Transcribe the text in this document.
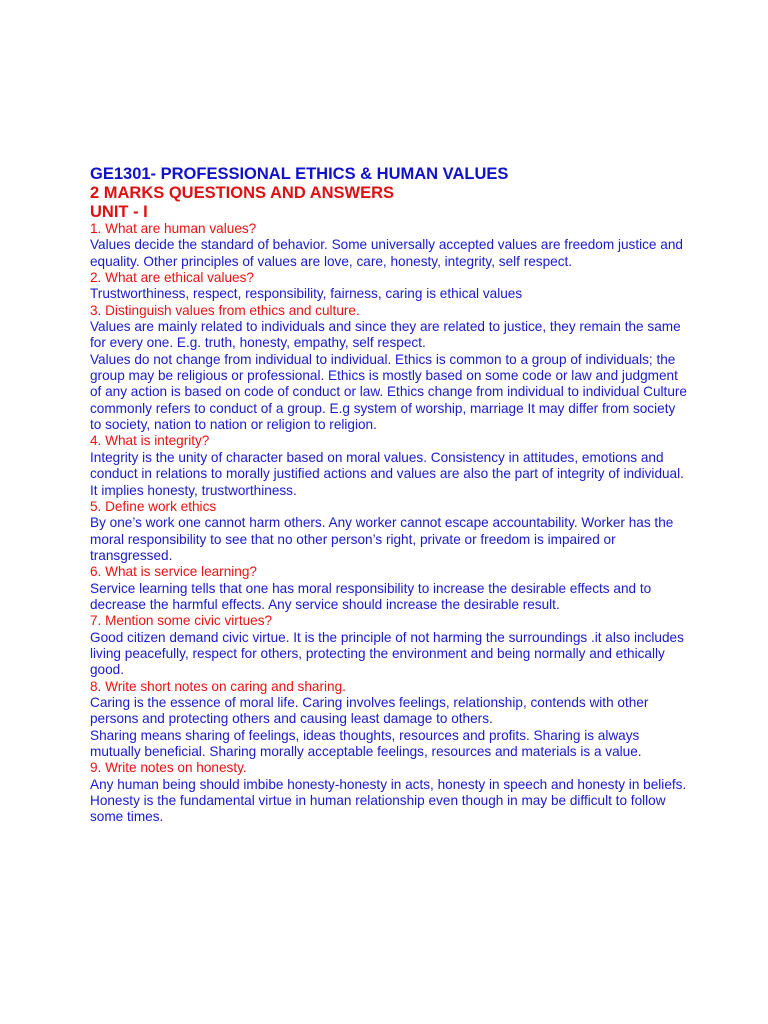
GE1301- PROFESSIONAL ETHICS & HUMAN VALUES

2 MARKS QUESTIONS AND ANSWERS

UNIT - I

1. What are human values?

Values decide the standard of behavior. Some universally accepted values are freedom justice and equality. Other principles of values are love, care, honesty, integrity, self respect.

2. What are ethical values?

Trustworthiness, respect, responsibility, fairness, caring is ethical values

3. Distinguish values from ethics and culture.

Values are mainly related to individuals and since they are related to justice, they remain the same for every one. E.g. truth, honesty, empathy, self respect.

Values do not change from individual to individual. Ethics is common to a group of individuals; the group may be religious or professional. Ethics is mostly based on some code or law and judgment of any action is based on code of conduct or law. Ethics change from individual to individual Culture commonly refers to conduct of a group. E.g system of worship, marriage It may differ from society to society, nation to nation or religion to religion.

4. What is integrity?

Integrity is the unity of character based on moral values. Consistency in attitudes, emotions and conduct in relations to morally justified actions and values are also the part of integrity of individual. It implies honesty, trustworthiness.

5. Define work ethics

By one’s work one cannot harm others. Any worker cannot escape accountability. Worker has the moral responsibility to see that no other person’s right, private or freedom is impaired or transgressed.

6. What is service learning?

Service learning tells that one has moral responsibility to increase the desirable effects and to decrease the harmful effects. Any service should increase the desirable result.

7. Mention some civic virtues?

Good citizen demand civic virtue. It is the principle of not harming the surroundings .it also includes living peacefully, respect for others, protecting the environment and being normally and ethically good.

8. Write short notes on caring and sharing.

Caring is the essence of moral life. Caring involves feelings, relationship, contends with other persons and protecting others and causing least damage to others.

Sharing means sharing of feelings, ideas thoughts, resources and profits. Sharing is always mutually beneficial. Sharing morally acceptable feelings, resources and materials is a value.

9. Write notes on honesty.

Any human being should imbibe honesty-honesty in acts, honesty in speech and honesty in beliefs. Honesty is the fundamental virtue in human relationship even though in may be difficult to follow some times.
